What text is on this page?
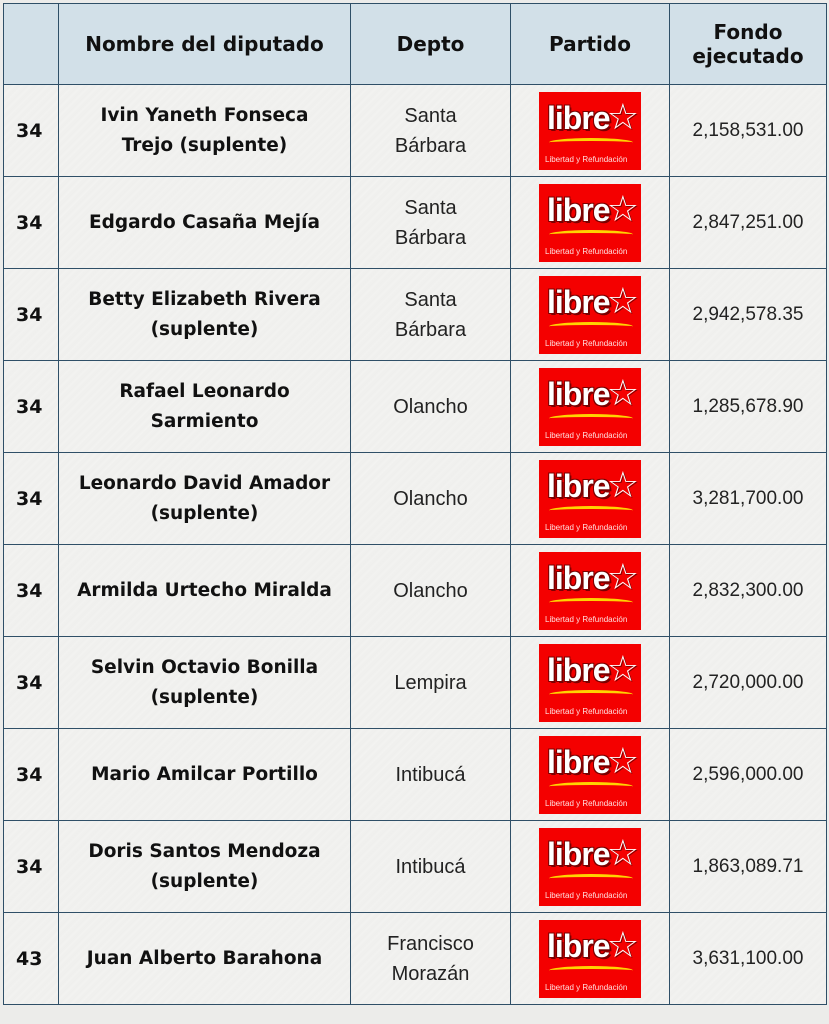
	Nombre del diputado	Depto	Partido	Fondo
ejecutado

34	Ivin Yaneth Fonseca
Trejo (suplente)	Santa
Bárbara	libre
☆
Libertad y Refundación	2,158,531.00
34	Edgardo Casaña Mejía	Santa
Bárbara	libre
☆
Libertad y Refundación	2,847,251.00
34	Betty Elizabeth Rivera
(suplente)	Santa
Bárbara	libre
☆
Libertad y Refundación	2,942,578.35
34	Rafael Leonardo
Sarmiento	Olancho	libre
☆
Libertad y Refundación	1,285,678.90
34	Leonardo David Amador
(suplente)	Olancho	libre
☆
Libertad y Refundación	3,281,700.00
34	Armilda Urtecho Miralda	Olancho	libre
☆
Libertad y Refundación	2,832,300.00
34	Selvin Octavio Bonilla
(suplente)	Lempira	libre
☆
Libertad y Refundación	2,720,000.00
34	Mario Amilcar Portillo	Intibucá	libre
☆
Libertad y Refundación	2,596,000.00
34	Doris Santos Mendoza
(suplente)	Intibucá	libre
☆
Libertad y Refundación	1,863,089.71
43	Juan Alberto Barahona	Francisco
Morazán	libre
☆
Libertad y Refundación	3,631,100.00
